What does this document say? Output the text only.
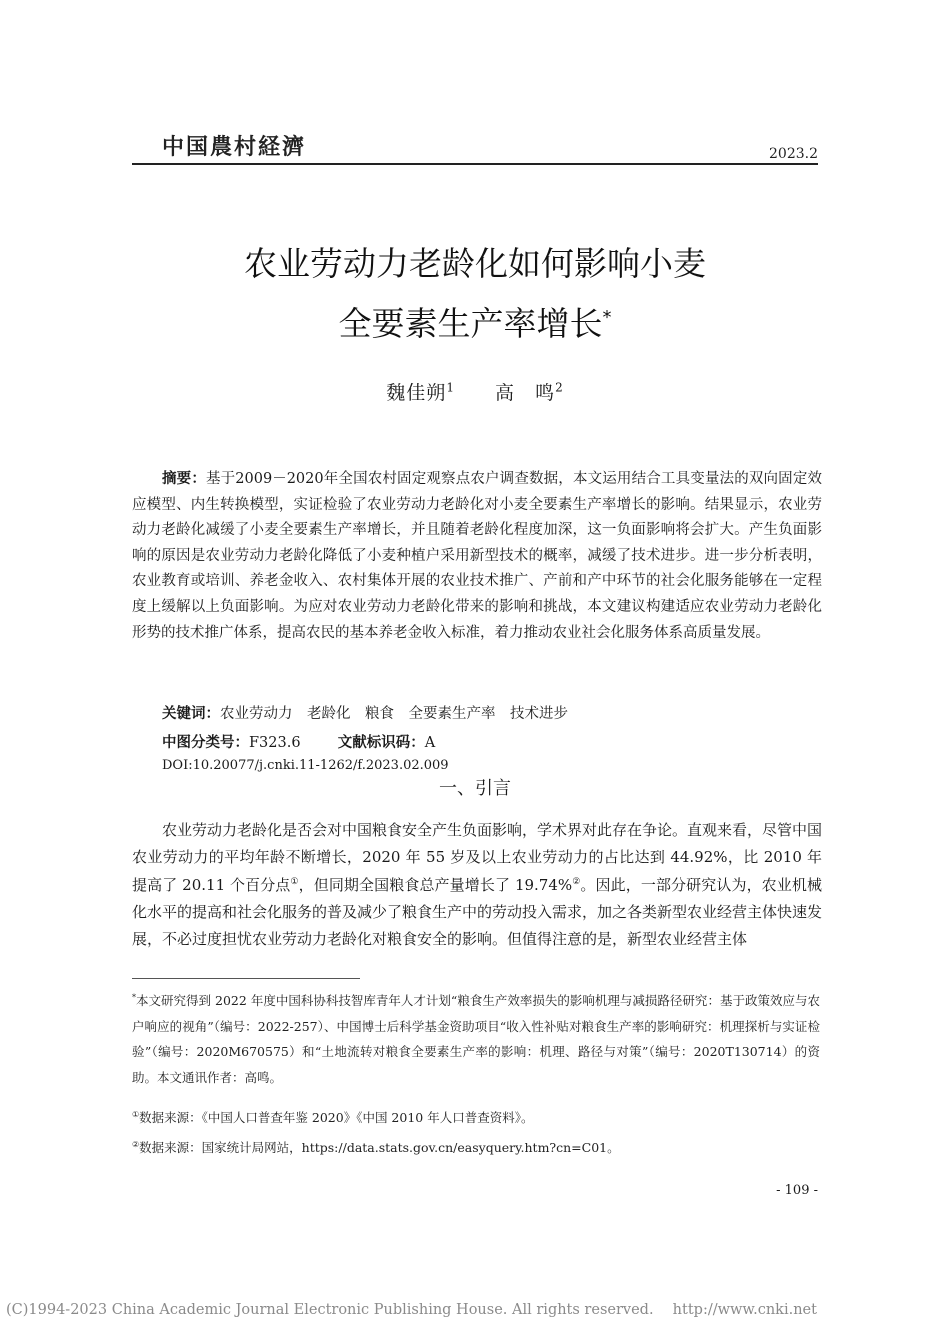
中国農村経濟	2023.2
农业劳动力老龄化如何影响小麦
全要素生产率增长*
魏佳朔$^1$ 高　鸣$^2$
摘要：基于2009－2020年全国农村固定观察点农户调查数据，本文运用结合工具变量法的双向固定效应模型、内生转换模型，实证检验了农业劳动力老龄化对小麦全要素生产率增长的影响。结果显示，农业劳动力老龄化减缓了小麦全要素生产率增长，并且随着老龄化程度加深，这一负面影响将会扩大。产生负面影响的原因是农业劳动力老龄化降低了小麦种植户采用新型技术的概率，减缓了技术进步。进一步分析表明，农业教育或培训、养老金收入、农村集体开展的农业技术推广、产前和产中环节的社会化服务能够在一定程度上缓解以上负面影响。为应对农业劳动力老龄化带来的影响和挑战，本文建议构建适应农业劳动力老龄化形势的技术推广体系，提高农民的基本养老金收入标准，着力推动农业社会化服务体系高质量发展。
关键词：农业劳动力　老龄化　粮食　全要素生产率　技术进步
中图分类号：F323.6	文献标识码：A
DOI:10.20077/j.cnki.11-1262/f.2023.02.009
一、引言
农业劳动力老龄化是否会对中国粮食安全产生负面影响，学术界对此存在争论。直观来看，尽管中国农业劳动力的平均年龄不断增长，2020 年 55 岁及以上农业劳动力的占比达到 44.92%，比 2010 年提高了 20.11 个百分点①，但同期全国粮食总产量增长了 19.74%②。因此，一部分研究认为，农业机械化水平的提高和社会化服务的普及减少了粮食生产中的劳动投入需求，加之各类新型农业经营主体快速发展，不必过度担忧农业劳动力老龄化对粮食安全的影响。但值得注意的是，新型农业经营主体
*本文研究得到 2022 年度中国科协科技智库青年人才计划“粮食生产效率损失的影响机理与减损路径研究：基于政策效应与农户响应的视角”（编号：2022-257）、中国博士后科学基金资助项目“收入性补贴对粮食生产率的影响研究：机理探析与实证检验”（编号：2020M670575）和“土地流转对粮食全要素生产率的影响：机理、路径与对策”（编号：2020T130714）的资助。本文通讯作者：高鸣。
①数据来源：《中国人口普查年鉴 2020》《中国 2010 年人口普查资料》。
②数据来源：国家统计局网站，https://data.stats.gov.cn/easyquery.htm?cn=C01。
- 109 -
(C)1994-2023 China Academic Journal Electronic Publishing House. All rights reserved.　 http://www.cnki.net
